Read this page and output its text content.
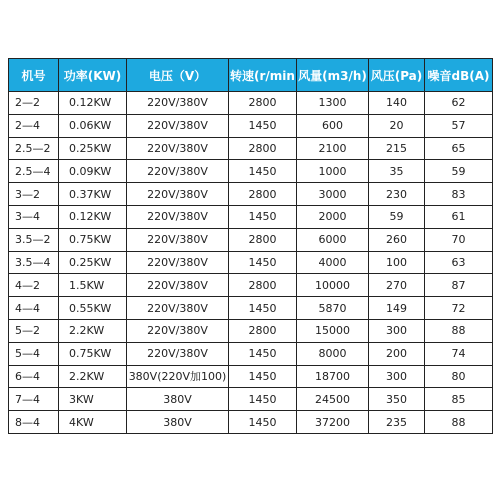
机号	功率(KW)	电压（V）	转速(r/min	风量(m3/h)	风压(Pa)	噪音dB(A)
2—2	0.12KW	220V/380V	2800	1300	140	62
2—4	0.06KW	220V/380V	1450	600	20	57
2.5—2	0.25KW	220V/380V	2800	2100	215	65
2.5—4	0.09KW	220V/380V	1450	1000	35	59
3—2	0.37KW	220V/380V	2800	3000	230	83
3—4	0.12KW	220V/380V	1450	2000	59	61
3.5—2	0.75KW	220V/380V	2800	6000	260	70
3.5—4	0.25KW	220V/380V	1450	4000	100	63
4—2	1.5KW	220V/380V	2800	10000	270	87
4—4	0.55KW	220V/380V	1450	5870	149	72
5—2	2.2KW	220V/380V	2800	15000	300	88
5—4	0.75KW	220V/380V	1450	8000	200	74
6—4	2.2KW	380V(220V加100)	1450	18700	300	80
7—4	3KW	380V	1450	24500	350	85
8—4	4KW	380V	1450	37200	235	88
